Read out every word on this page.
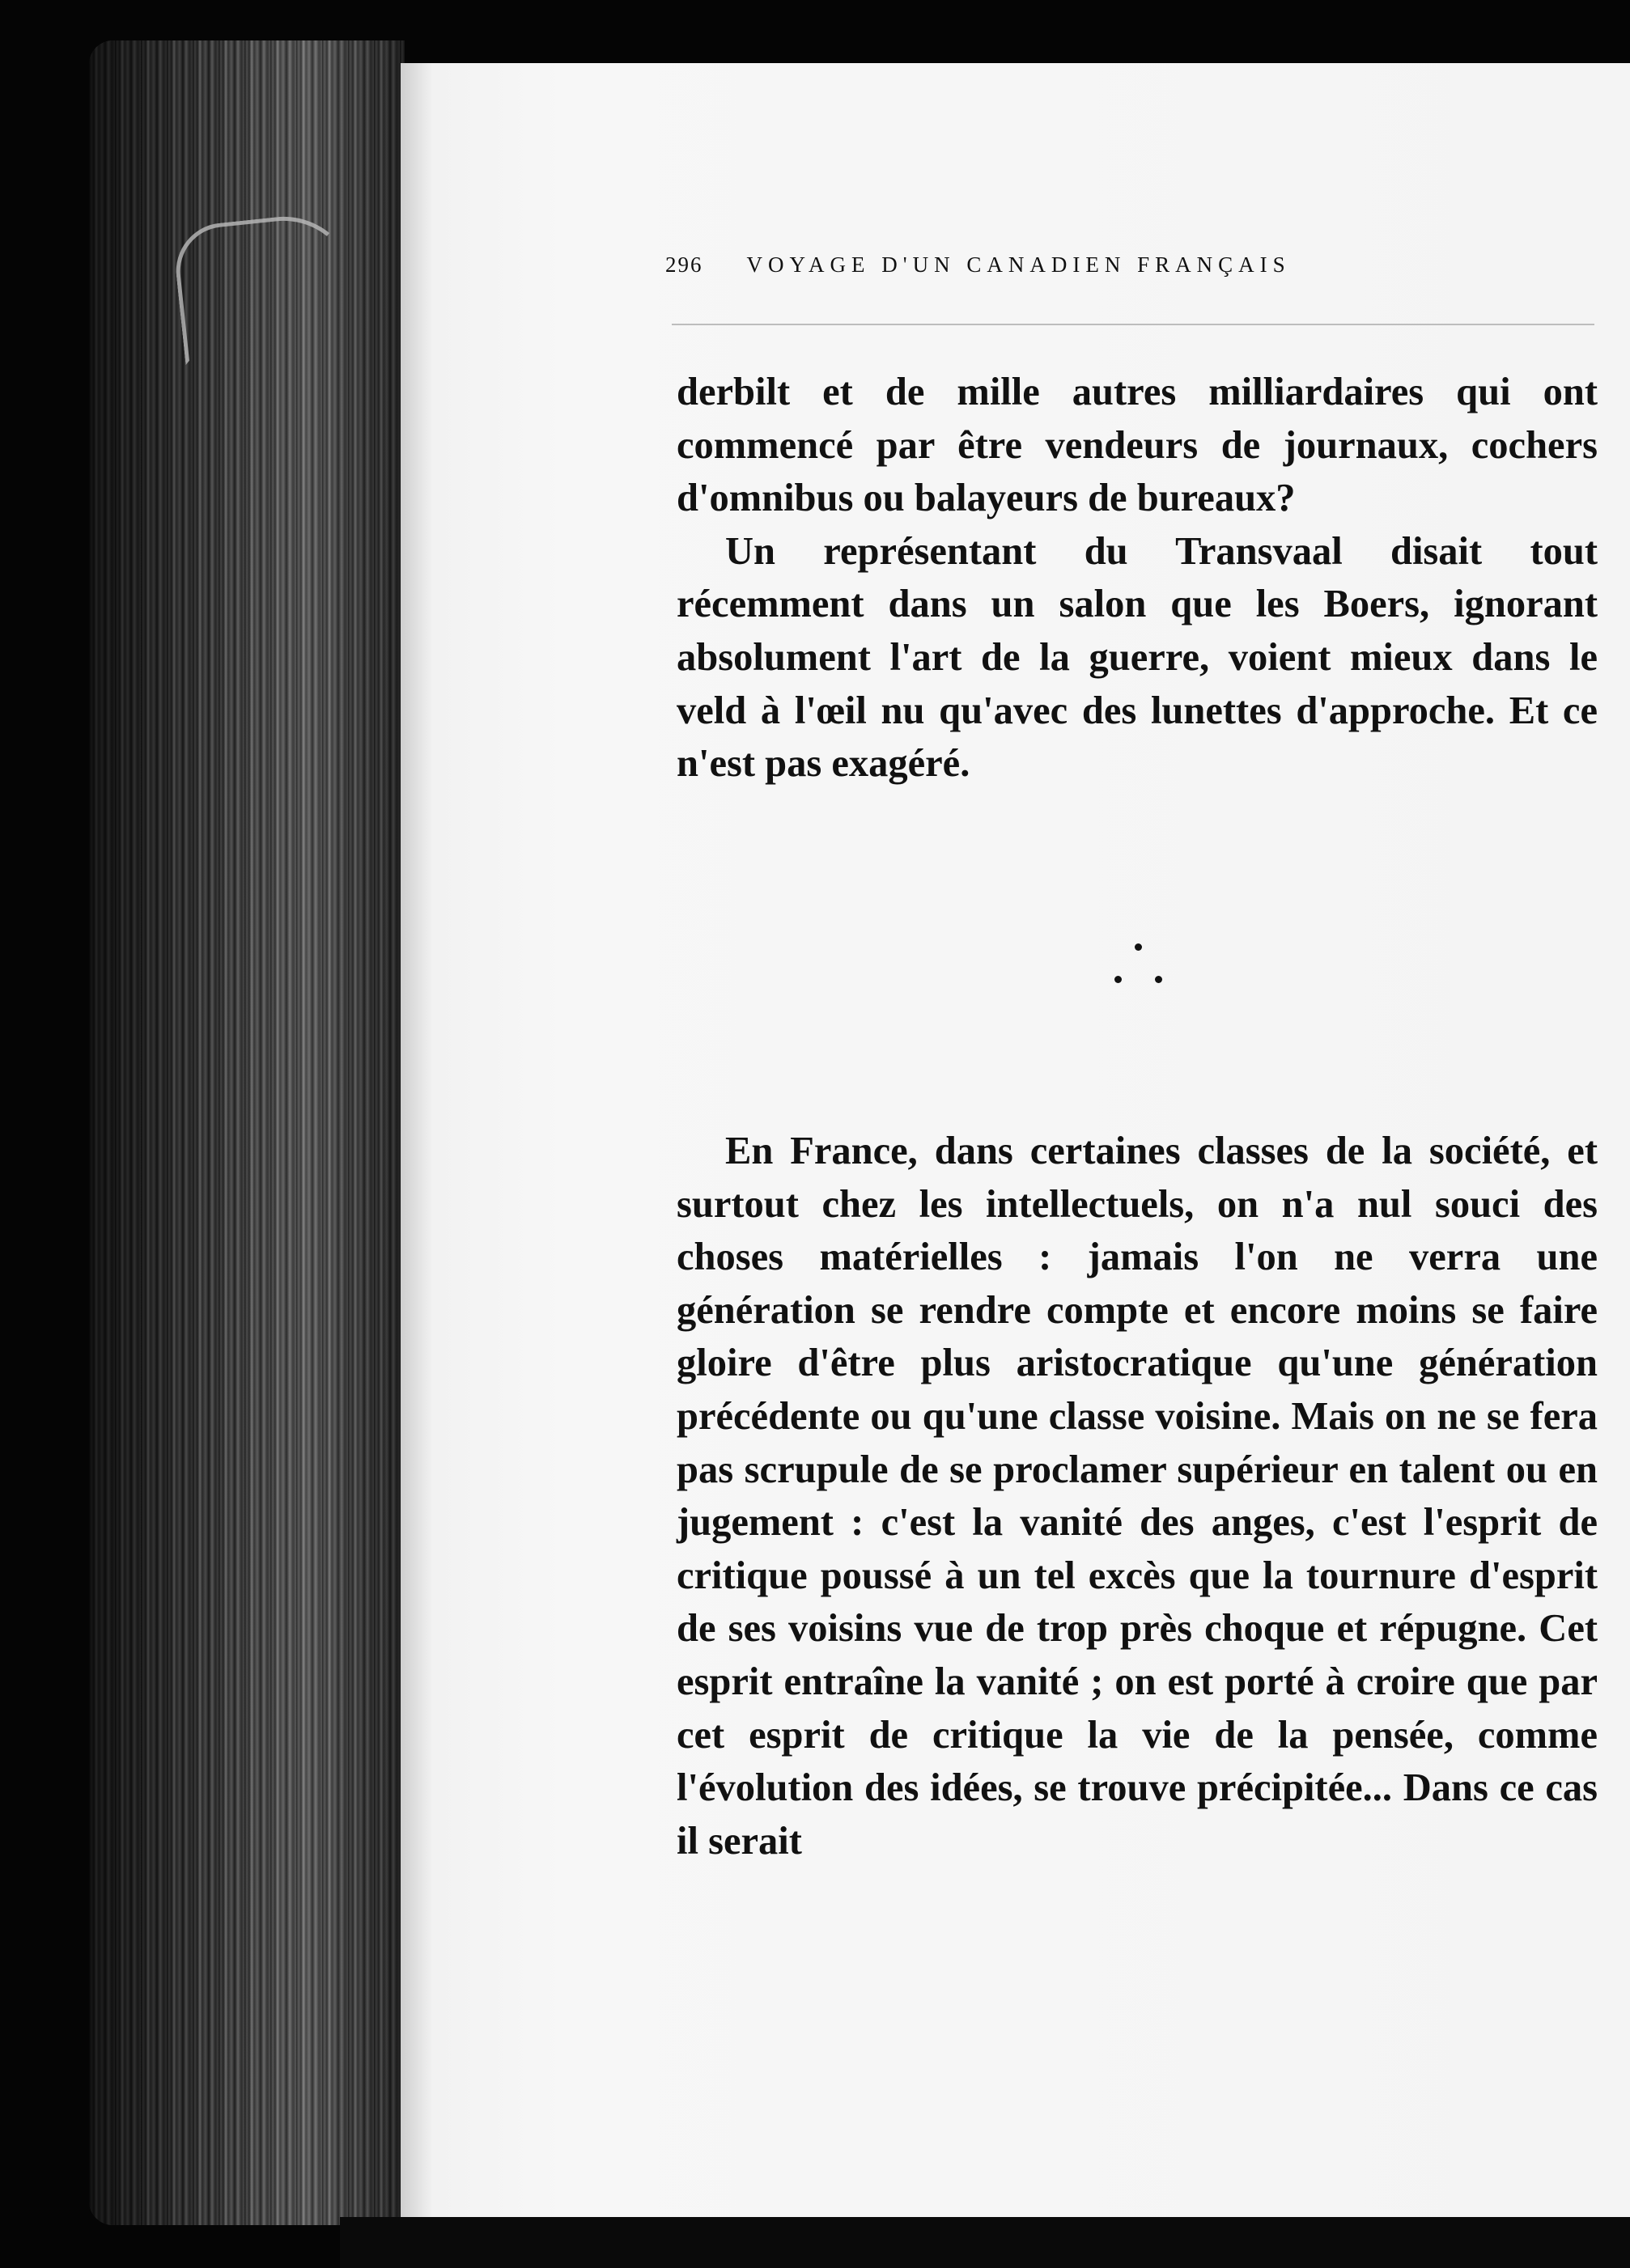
296 VOYAGE D'UN CANADIEN FRANÇAIS

derbilt et de mille autres milliardaires qui ont commencé par être vendeurs de journaux, cochers d'omnibus ou balayeurs de bureaux?

Un représentant du Transvaal disait tout récemment dans un salon que les Boers, ignorant absolument l'art de la guerre, voient mieux dans le veld à l'œil nu qu'avec des lunettes d'approche. Et ce n'est pas exagéré.

En France, dans certaines classes de la société, et surtout chez les intellectuels, on n'a nul souci des choses matérielles : jamais l'on ne verra une génération se rendre compte et encore moins se faire gloire d'être plus aristocratique qu'une génération précédente ou qu'une classe voisine. Mais on ne se fera pas scrupule de se proclamer supérieur en talent ou en jugement : c'est la vanité des anges, c'est l'esprit de critique poussé à un tel excès que la tournure d'esprit de ses voisins vue de trop près choque et répugne. Cet esprit entraîne la vanité ; on est porté à croire que par cet esprit de critique la vie de la pensée, comme l'évolution des idées, se trouve précipitée... Dans ce cas il serait
